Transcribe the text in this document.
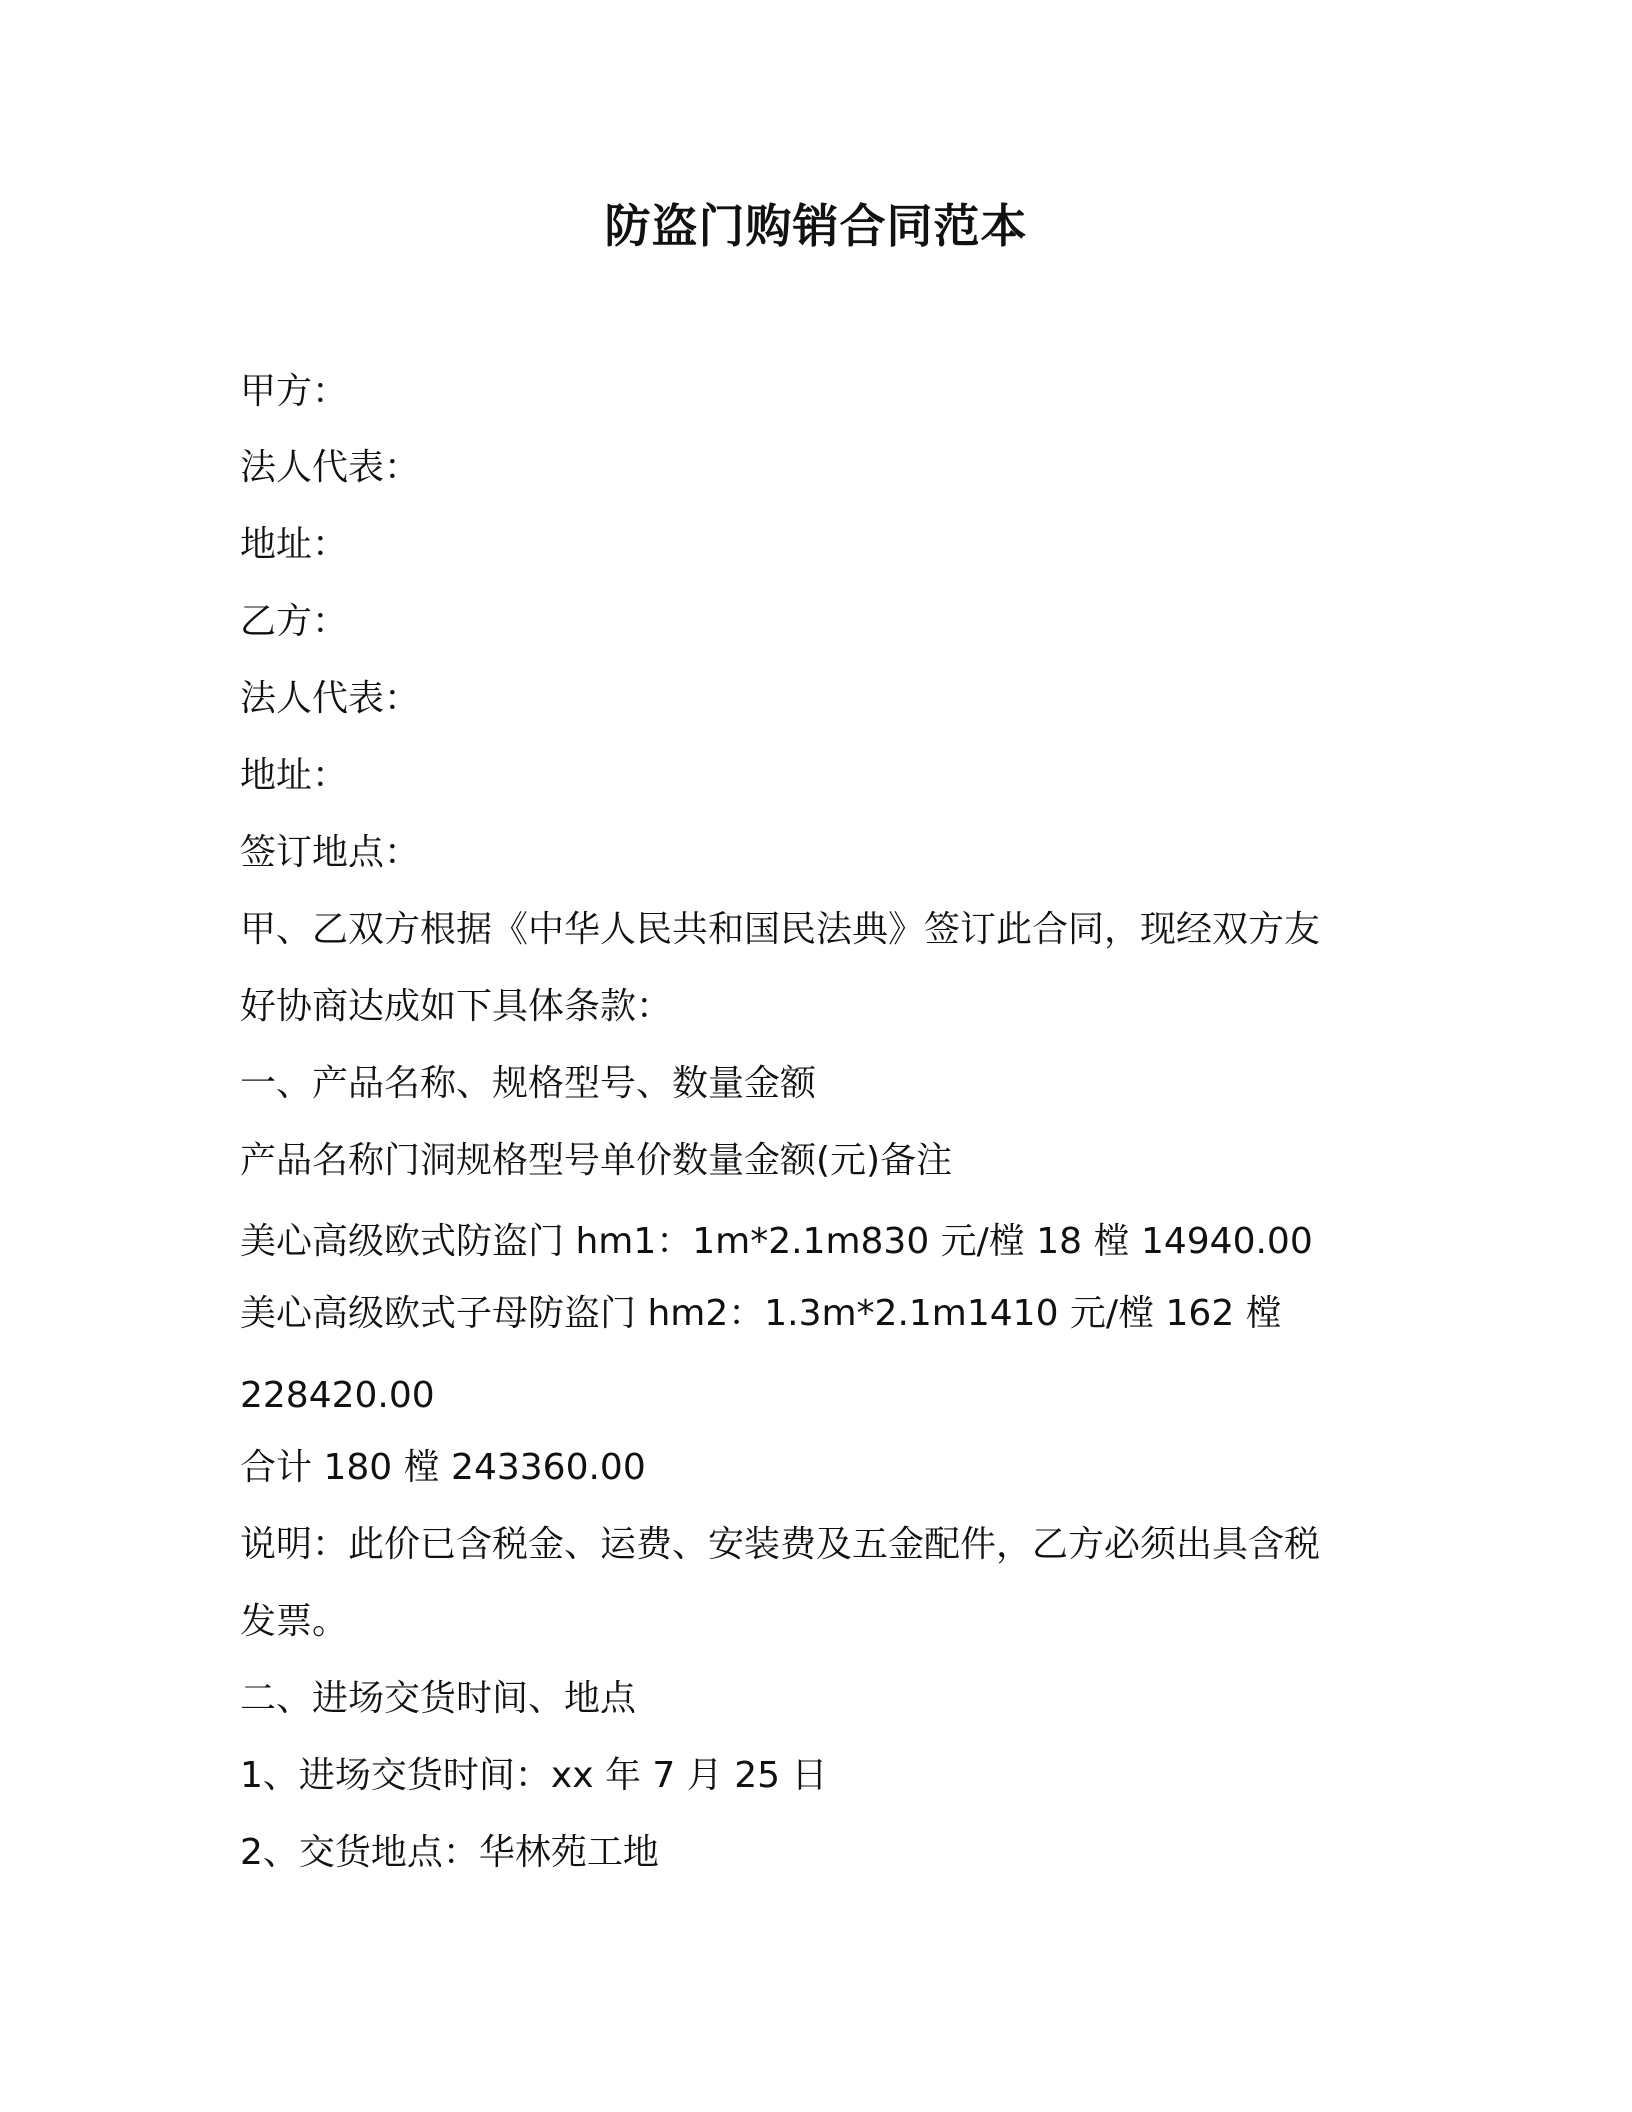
防盗门购销合同范本
甲方：
法人代表：
地址：
乙方：
法人代表：
地址：
签订地点：
甲、乙双方根据《中华人民共和国民法典》签订此合同，现经双方友
好协商达成如下具体条款：
一、产品名称、规格型号、数量金额
产品名称门洞规格型号单价数量金额(元)备注
美心高级欧式防盗门 hm1：1m*2.1m830 元/樘 18 樘 14940.00
美心高级欧式子母防盗门 hm2：1.3m*2.1m1410 元/樘 162 樘
228420.00
合计 180 樘 243360.00
说明：此价已含税金、运费、安装费及五金配件，乙方必须出具含税
发票。
二、进场交货时间、地点
1、进场交货时间：xx 年 7 月 25 日
2、交货地点：华林苑工地
